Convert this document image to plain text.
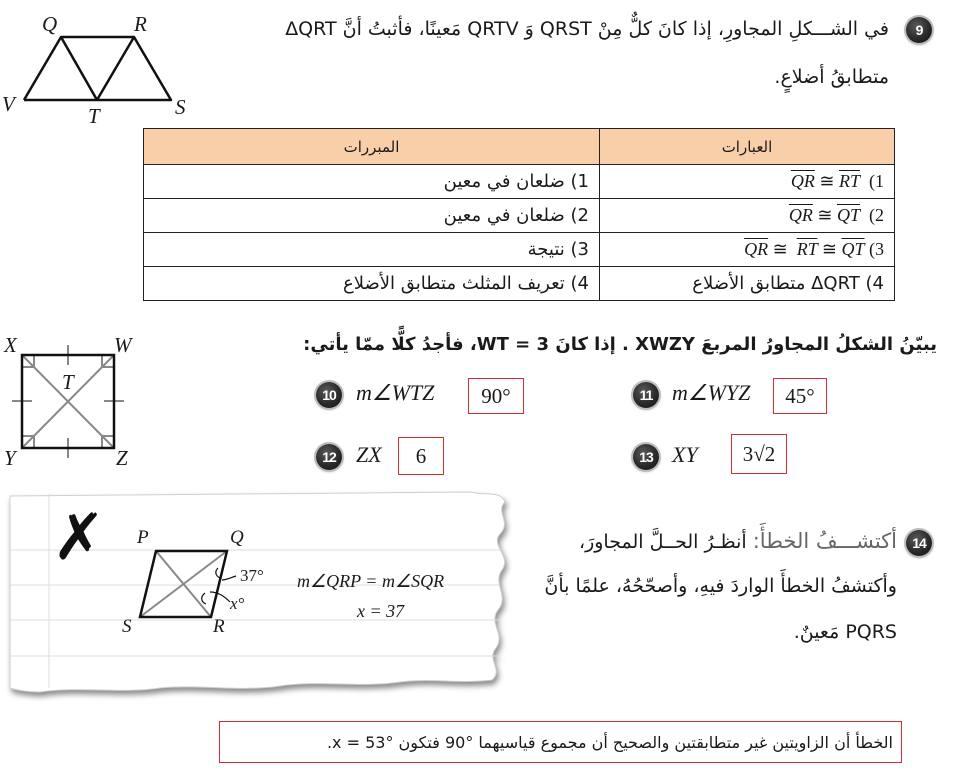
Q	R
V	T	S
9
في الشـــكلِ المجاورِ، إذا كانَ كلٌّ مِنْ QRST وَ QRTV مَعينًا، فأثبتُ أنَّ ΔQRT
متطابقُ أضلاعٍ.
العبارات	المبررات
1)  $\overline{QR}$ ≅ $\overline{RT}$	1) ضلعان في معين
2)  $\overline{QR}$ ≅ $\overline{QT}$	2) ضلعان في معين
3) $\overline{QR}$ ≅ $\overline{RT}$ ≅ $\overline{QT}$	3) نتيجة
4) ΔQRT متطابق الأضلاع	4) تعريف المثلث متطابق الأضلاع
X	W
T
Y	Z
يبيّنُ الشكلُ المجاورُ المربعَ XWZY . إذا كانَ WT = 3، فأجدُ كلًّا ممّا يأتي:
10 m∠WTZ	90°	11 m∠WYZ	45°
12 ZX	6	13 XY	3√2
✗ P	Q
S	R
37°
x°
m∠QRP = m∠SQR
x = 37
14
أكتشـــفُ الخطأَ: أنظـرُ الحــلَّ المجاورَ،
وأكتشفُ الخطأَ الواردَ فيهِ، وأصحّحُهُ، علمًا بأنَّ
PQRS مَعينٌ.
الخطأ أن الزاويتين غير متطابقتين والصحيح أن مجموع قياسيهما °90 فتكون °53 = x.
